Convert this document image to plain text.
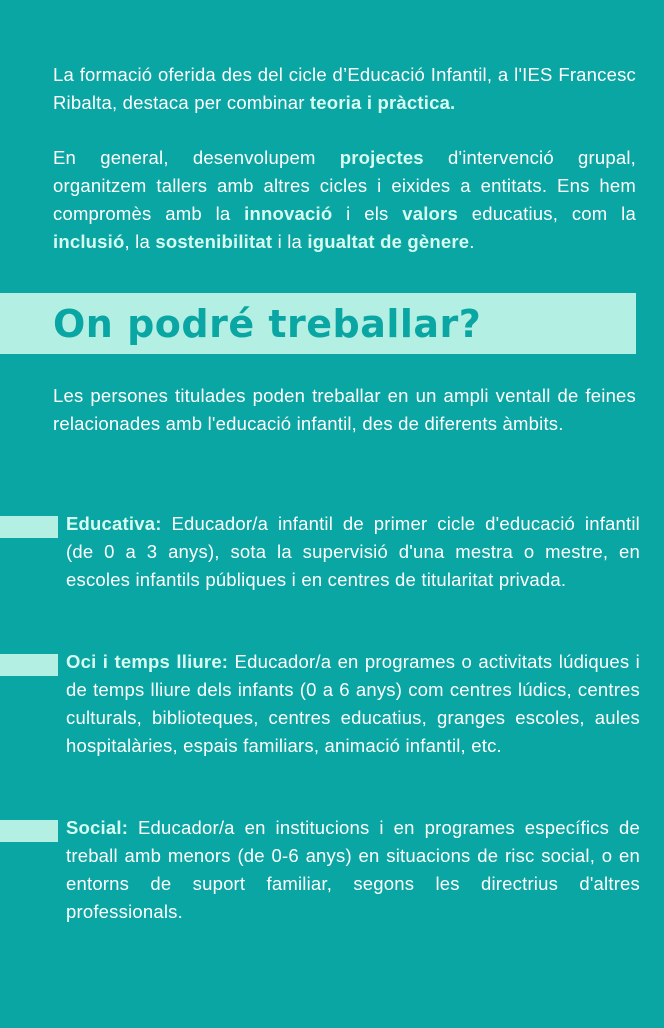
La formació oferida des del cicle d’Educació Infantil, a l'IES Francesc Ribalta, destaca per combinar teoria i pràctica.
En general, desenvolupem projectes d'intervenció grupal, organitzem tallers amb altres cicles i eixides a entitats. Ens hem compromès amb la innovació i els valors educatius, com la inclusió, la sostenibilitat i la igualtat de gènere.
On podré treballar?
Les persones titulades poden treballar en un ampli ventall de feines relacionades amb l'educació infantil, des de diferents àmbits.
Educativa: Educador/a infantil de primer cicle d'educació infantil (de 0 a 3 anys), sota la supervisió d'una mestra o mestre, en escoles infantils públiques i en centres de titularitat privada.
Oci i temps lliure: Educador/a en programes o activitats lúdiques i de temps lliure dels infants (0 a 6 anys) com centres lúdics, centres culturals, biblioteques, centres educatius, granges escoles, aules hospitalàries, espais familiars, animació infantil, etc.
Social: Educador/a en institucions i en programes específics de treball amb menors (de 0-6 anys) en situacions de risc social, o en entorns de suport familiar, segons les directrius d'altres professionals.
